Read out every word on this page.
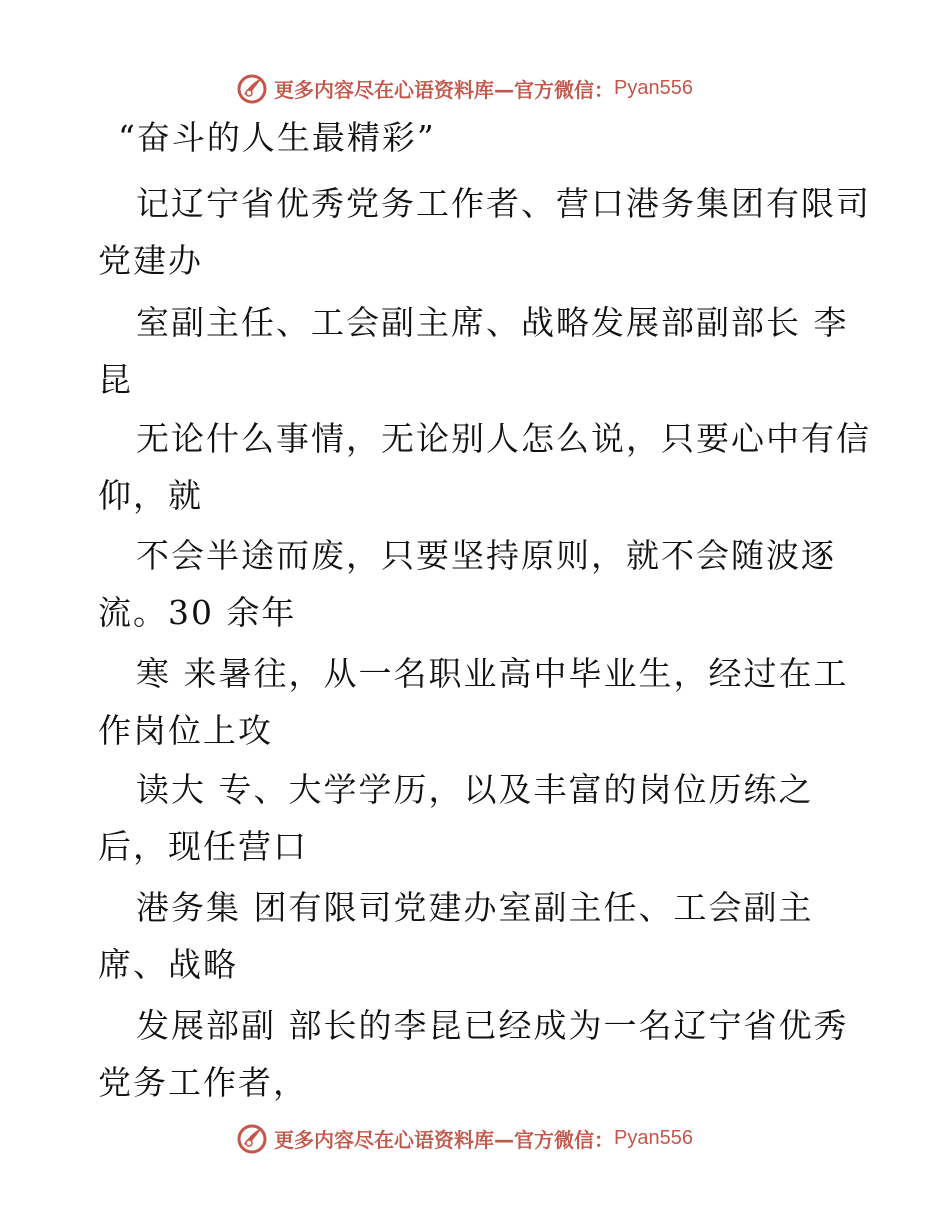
更多内容尽在心语资料库—官方微信： Pyan556
“奋斗的人生最精彩”
记辽宁省优秀党务工作者、营口港务集团有限司
党建办
室副主任、工会副主席、战略发展部副部长 李
昆
无论什么事情，无论别人怎么说，只要心中有信
仰，就
不会半途而废，只要坚持原则，就不会随波逐
流。30 余年
寒 来暑往，从一名职业高中毕业生，经过在工
作岗位上攻
读大 专、大学学历，以及丰富的岗位历练之
后，现任营口
港务集 团有限司党建办室副主任、工会副主
席、战略
发展部副 部长的李昆已经成为一名辽宁省优秀
党务工作者，
更多内容尽在心语资料库—官方微信： Pyan556
